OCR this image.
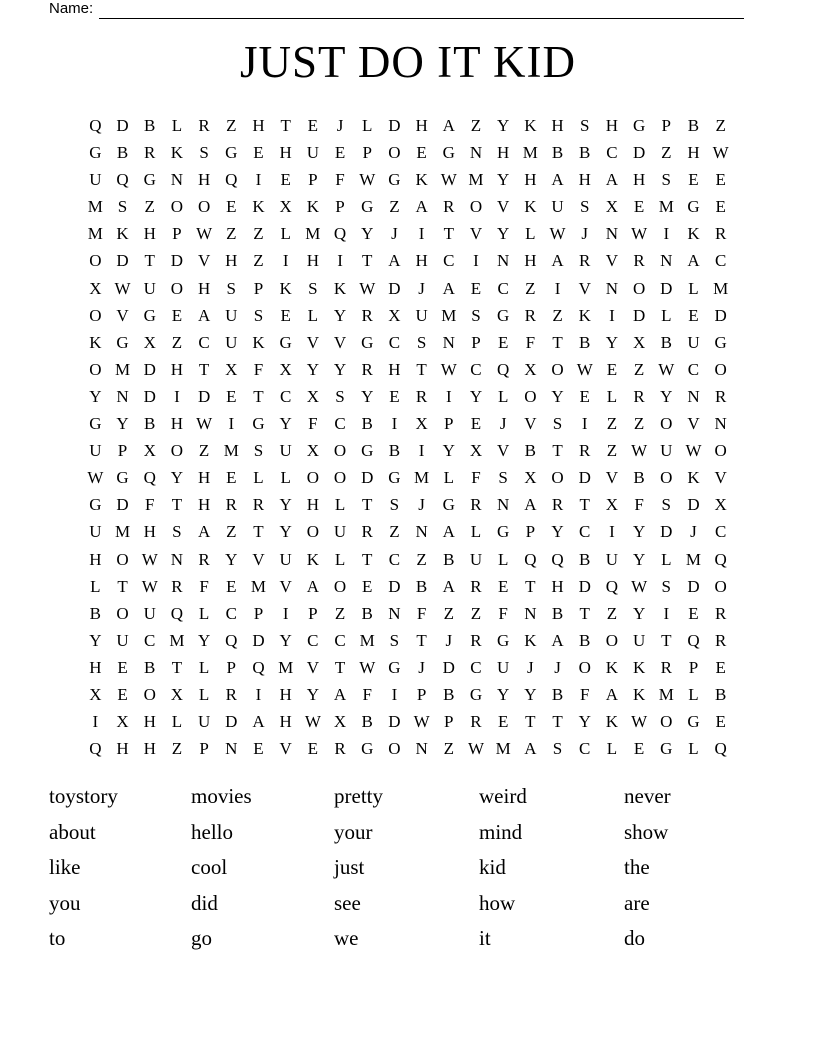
Name:
JUST DO IT KID
Q D B L R Z H T E	J	L D H A Z Y K H S H G P B Z
G B R K S G E H U E	P O E G N H M B B C D Z H W
U Q G N H Q	I	E	P	F W G K W M Y H A H A H S	E E
M S	Z O O E K X K P G Z A R O V K U S X E M G E
M K H P W Z Z L M Q Y	J	I	T V Y L W J	N W I	K R
O D T D V H Z	I	H	I	T A H C	I	N H A R V R N A C
X W U O H S	P K S K W D	J	A E C Z	I	V N O D L M
O V G E A U S	E L Y R X U M S G R Z K	I	D L E D
K G X Z C U K G V V G C S N P	E	F	T B Y X B U G
O M D H T X F X Y Y R H T W C Q X O W E Z W C O
Y N D	I	D E T C X S Y E R	I	Y L O Y E L R Y N R
G Y B H W I	G Y F C B	I	X P	E	J	V S	I	Z Z O V N
U P X O Z M S U X O G B	I	Y X V B T R Z W U W O
W G Q Y H E L L O O D G M L	F	S X O D V B O K V
G D F	T H R R Y H L T	S	J	G R N A R T X F	S D X
U M H S A Z T Y O U R Z N A L G P Y C	I	Y D	J	C
H O W N R Y V U K L T C Z B U L Q Q B U Y L M Q
L T W R F	E M V A O E D B A R E T H D Q W S D O
B O U Q L C P	I	P	Z B N F	Z Z	F N B T Z Y	I	E R
Y U C M Y Q D Y C C M S	T	J	R G K A B O U T Q R
H E B T L	P Q M V T W G	J	D C U	J	J	O K K R P	E
X E O X L R	I	H Y A F	I	P B G Y Y B F A K M L B
I	X H L U D A H W X B D W P R E T T Y K W O G E
Q H H Z	P N E V E R G O N Z W M A S C L E G L Q
toystory
about
like
you
to
movies
hello
cool
did
go
pretty
your
just
see
we
weird
mind
kid
how
it
never
show
the
are
do
